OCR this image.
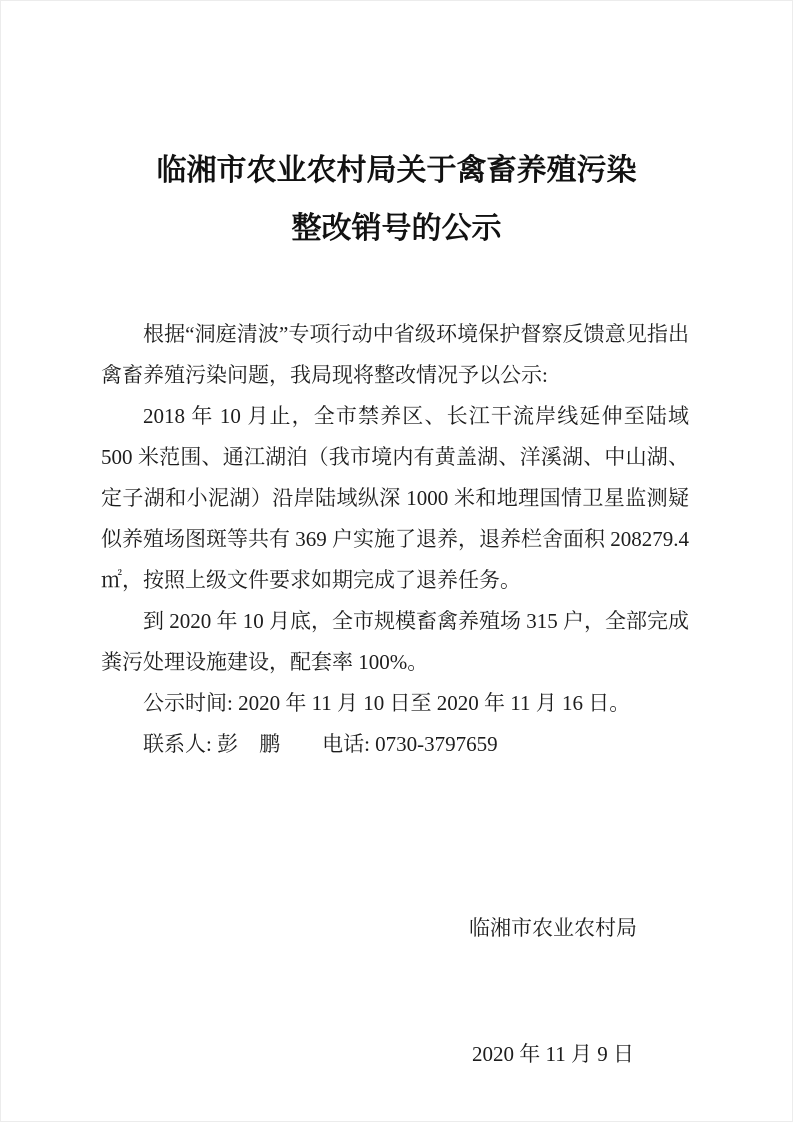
临湘市农业农村局关于禽畜养殖污染
整改销号的公示

根据“洞庭清波”专项行动中省级环境保护督察反馈意见指出禽畜养殖污染问题，我局现将整改情况予以公示:

2018 年 10 月止，全市禁养区、长江干流岸线延伸至陆域 500 米范围、通江湖泊（我市境内有黄盖湖、洋溪湖、中山湖、定子湖和小泥湖）沿岸陆域纵深 1000 米和地理国情卫星监测疑似养殖场图斑等共有 369 户实施了退养，退养栏舍面积 208279.4 ㎡，按照上级文件要求如期完成了退养任务。

到 2020 年 10 月底，全市规模畜禽养殖场 315 户，全部完成粪污处理设施建设，配套率 100%。

公示时间: 2020 年 11 月 10 日至 2020 年 11 月 16 日。

联系人: 彭　鹏　　电话: 0730-3797659

临湘市农业农村局

2020 年 11 月 9 日
